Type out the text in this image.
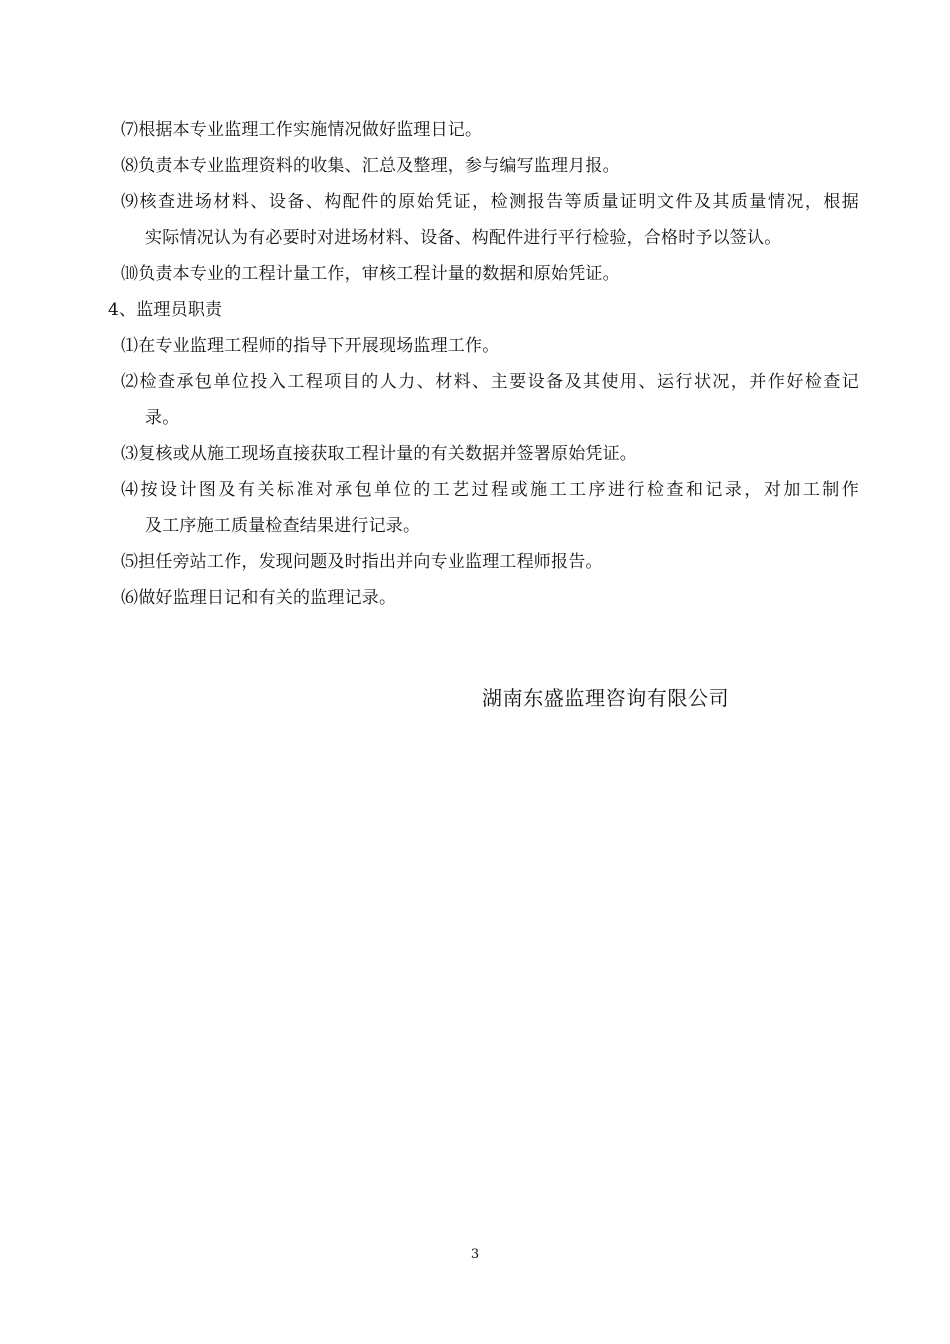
⑺根据本专业监理工作实施情况做好监理日记。
⑻负责本专业监理资料的收集、汇总及整理，参与编写监理月报。
⑼核查进场材料、设备、构配件的原始凭证，检测报告等质量证明文件及其质量情况，根据
实际情况认为有必要时对进场材料、设备、构配件进行平行检验，合格时予以签认。
⑽负责本专业的工程计量工作，审核工程计量的数据和原始凭证。
4、监理员职责
⑴在专业监理工程师的指导下开展现场监理工作。
⑵检查承包单位投入工程项目的人力、材料、主要设备及其使用、运行状况，并作好检查记
录。
⑶复核或从施工现场直接获取工程计量的有关数据并签署原始凭证。
⑷按设计图及有关标准对承包单位的工艺过程或施工工序进行检查和记录，对加工制作
及工序施工质量检查结果进行记录。
⑸担任旁站工作，发现问题及时指出并向专业监理工程师报告。
⑹做好监理日记和有关的监理记录。
湖南东盛监理咨询有限公司
3
